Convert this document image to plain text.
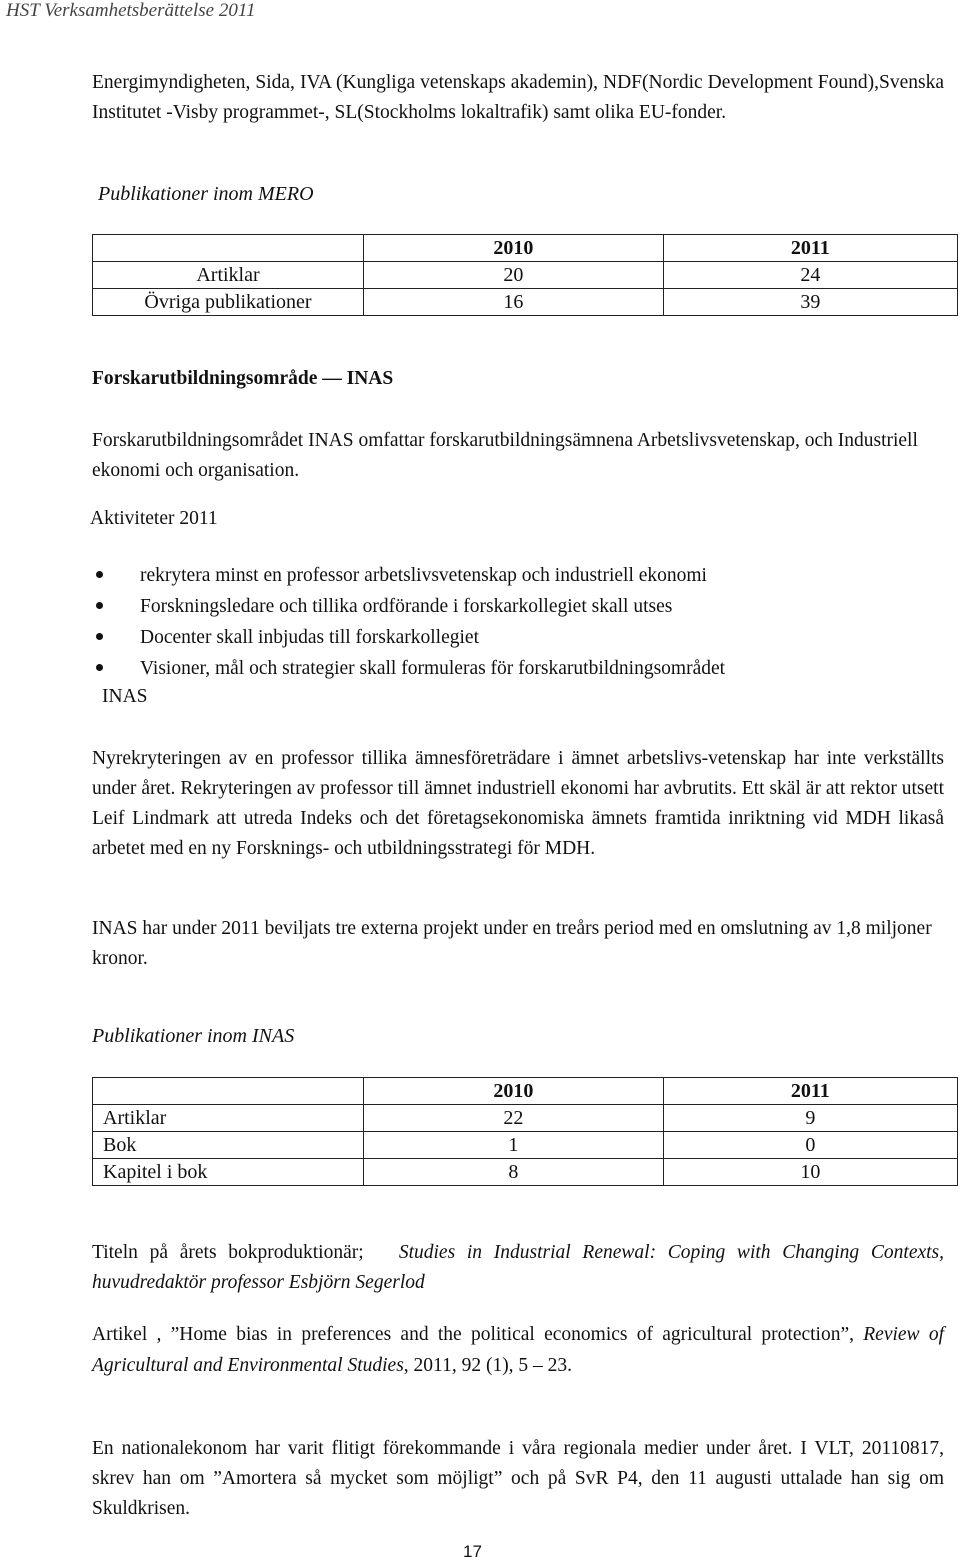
HST Verksamhetsberättelse 2011

Energimyndigheten, Sida, IVA (Kungliga vetenskaps akademin), NDF(Nordic Development Found),Svenska Institutet -Visby programmet-, SL(Stockholms lokaltrafik) samt olika EU-fonder.

Publikationer inom MERO
	2010	2011
Artiklar	20	24
Övriga publikationer	16	39
Forskarutbildningsområde — INAS

Forskarutbildningsområdet INAS omfattar forskarutbildningsämnena Arbetslivsvetenskap, och Industriell ekonomi och organisation.

Aktiviteter 2011
rekrytera minst en professor arbetslivsvetenskap och industriell ekonomi
Forskningsledare och tillika ordförande i forskarkollegiet skall utses
Docenter skall inbjudas till forskarkollegiet
Visioner, mål och strategier skall formuleras för forskarutbildningsområdet
INAS

Nyrekryteringen av en professor tillika ämnesföreträdare i ämnet arbetslivs-vetenskap har inte verkställts under året. Rekryteringen av professor till ämnet industriell ekonomi har avbrutits. Ett skäl är att rektor utsett Leif Lindmark att utreda Indeks och det företagsekonomiska ämnets framtida inriktning vid MDH likaså arbetet med en ny Forsknings- och utbildningsstrategi för MDH.

INAS har under 2011 beviljats tre externa projekt under en treårs period med en omslutning av 1,8 miljoner kronor.

Publikationer inom INAS
	2010	2011
Artiklar	22	9
Bok	1	0
Kapitel i bok	8	10

Titeln på årets bokproduktionär; Studies in Industrial Renewal: Coping with Changing Contexts, huvudredaktör professor Esbjörn Segerlod

Artikel , ”Home bias in preferences and the political economics of agricultural protection”, Review of Agricultural and Environmental Studies, 2011, 92 (1), 5 – 23.

En nationalekonom har varit flitigt förekommande i våra regionala medier under året. I VLT, 20110817, skrev han om ”Amortera så mycket som möjligt” och på SvR P4, den 11 augusti uttalade han sig om Skuldkrisen.

17
